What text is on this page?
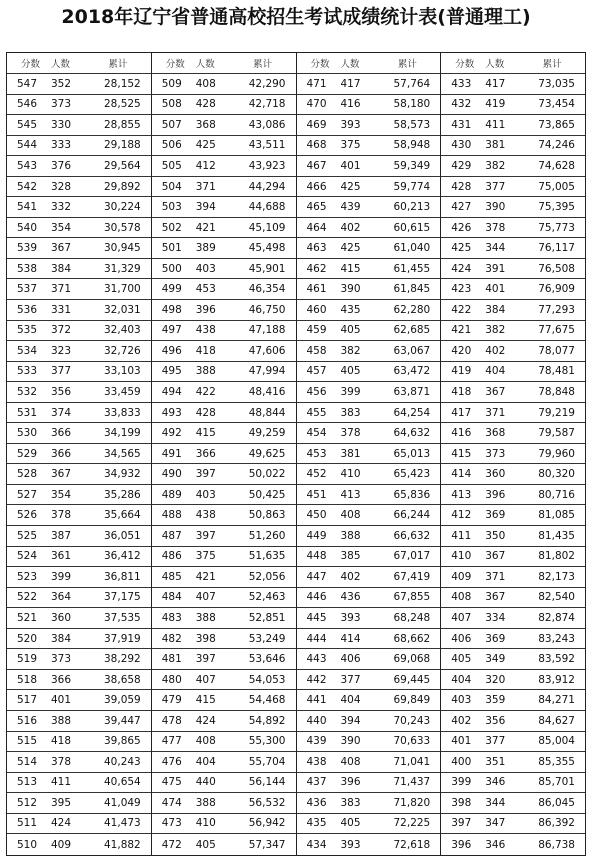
2018年辽宁省普通高校招生考试成绩统计表(普通理工)
分数	人数	累计
547	352	28,152
546	373	28,525
545	330	28,855
544	333	29,188
543	376	29,564
542	328	29,892
541	332	30,224
540	354	30,578
539	367	30,945
538	384	31,329
537	371	31,700
536	331	32,031
535	372	32,403
534	323	32,726
533	377	33,103
532	356	33,459
531	374	33,833
530	366	34,199
529	366	34,565
528	367	34,932
527	354	35,286
526	378	35,664
525	387	36,051
524	361	36,412
523	399	36,811
522	364	37,175
521	360	37,535
520	384	37,919
519	373	38,292
518	366	38,658
517	401	39,059
516	388	39,447
515	418	39,865
514	378	40,243
513	411	40,654
512	395	41,049
511	424	41,473
510	409	41,882
分数	人数	累计
509	408	42,290
508	428	42,718
507	368	43,086
506	425	43,511
505	412	43,923
504	371	44,294
503	394	44,688
502	421	45,109
501	389	45,498
500	403	45,901
499	453	46,354
498	396	46,750
497	438	47,188
496	418	47,606
495	388	47,994
494	422	48,416
493	428	48,844
492	415	49,259
491	366	49,625
490	397	50,022
489	403	50,425
488	438	50,863
487	397	51,260
486	375	51,635
485	421	52,056
484	407	52,463
483	388	52,851
482	398	53,249
481	397	53,646
480	407	54,053
479	415	54,468
478	424	54,892
477	408	55,300
476	404	55,704
475	440	56,144
474	388	56,532
473	410	56,942
472	405	57,347
分数	人数	累计
471	417	57,764
470	416	58,180
469	393	58,573
468	375	58,948
467	401	59,349
466	425	59,774
465	439	60,213
464	402	60,615
463	425	61,040
462	415	61,455
461	390	61,845
460	435	62,280
459	405	62,685
458	382	63,067
457	405	63,472
456	399	63,871
455	383	64,254
454	378	64,632
453	381	65,013
452	410	65,423
451	413	65,836
450	408	66,244
449	388	66,632
448	385	67,017
447	402	67,419
446	436	67,855
445	393	68,248
444	414	68,662
443	406	69,068
442	377	69,445
441	404	69,849
440	394	70,243
439	390	70,633
438	408	71,041
437	396	71,437
436	383	71,820
435	405	72,225
434	393	72,618
分数	人数	累计
433	417	73,035
432	419	73,454
431	411	73,865
430	381	74,246
429	382	74,628
428	377	75,005
427	390	75,395
426	378	75,773
425	344	76,117
424	391	76,508
423	401	76,909
422	384	77,293
421	382	77,675
420	402	78,077
419	404	78,481
418	367	78,848
417	371	79,219
416	368	79,587
415	373	79,960
414	360	80,320
413	396	80,716
412	369	81,085
411	350	81,435
410	367	81,802
409	371	82,173
408	367	82,540
407	334	82,874
406	369	83,243
405	349	83,592
404	320	83,912
403	359	84,271
402	356	84,627
401	377	85,004
400	351	85,355
399	346	85,701
398	344	86,045
397	347	86,392
396	346	86,738
